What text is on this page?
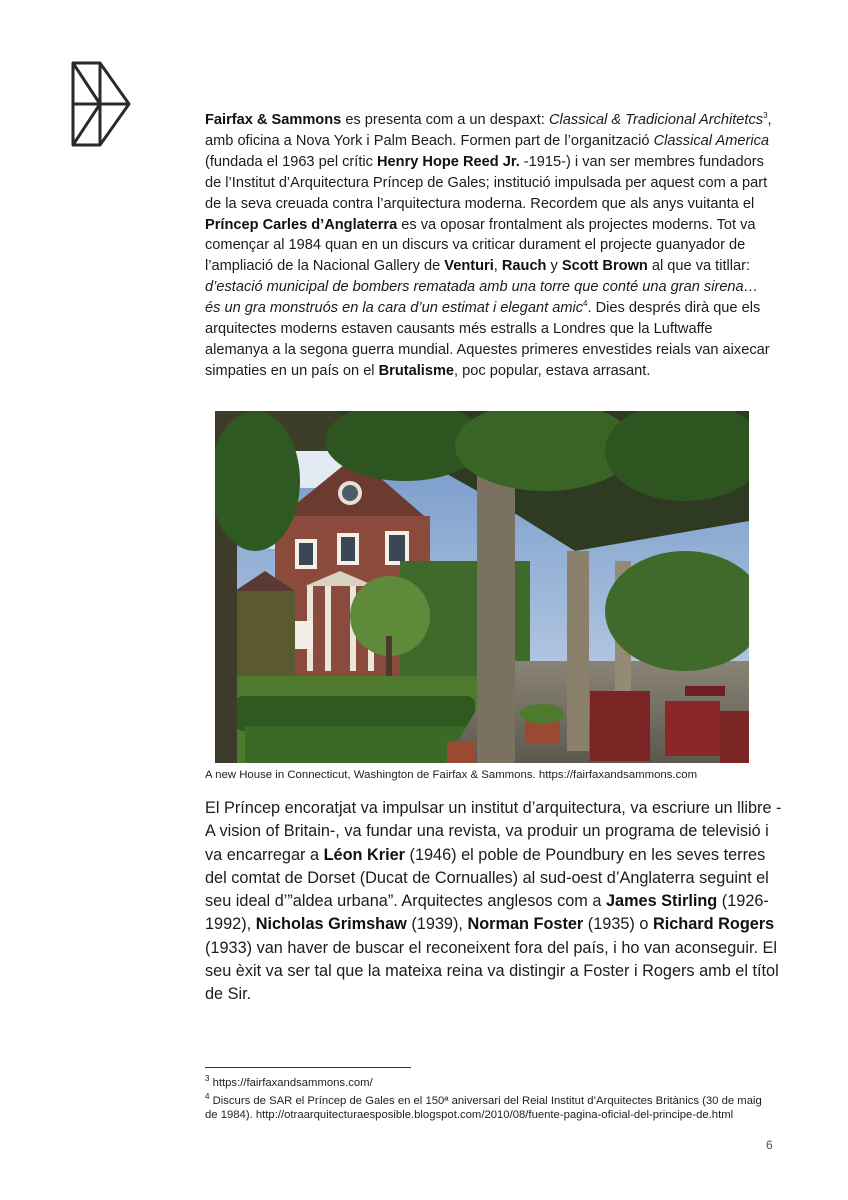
Fairfax & Sammons es presenta com a un despaxt: Classical & Tradicional Architetcs$^3$, amb oficina a Nova York i Palm Beach. Formen part de l’organització Classical America (fundada el 1963 pel crític Henry Hope Reed Jr. -1915-) i van ser membres fundadors de l’Institut d’Arquitectura Príncep de Gales; institució impulsada per aquest com a part de la seva creuada contra l’arquitectura moderna. Recordem que als anys vuitanta el Príncep Carles d’Anglaterra es va oposar frontalment als projectes moderns. Tot va començar al 1984 quan en un discurs va criticar durament el projecte guanyador de l’ampliació de la Nacional Gallery de Venturi, Rauch y Scott Brown al que va titllar: d’estació municipal de bombers rematada amb una torre que conté una gran sirena… és un gra monstruós en la cara d’un estimat i elegant amic$^4$. Dies després dirà que els arquitectes moderns estaven causants més estralls a Londres que la Luftwaffe alemanya a la segona guerra mundial. Aquestes primeres envestides reials van aixecar simpaties en un país on el Brutalisme, poc popular, estava arrasant.

A new House in Connecticut, Washington de Fairfax & Sammons. https://fairfaxandsammons.com

El Príncep encoratjat va impulsar un institut d’arquitectura, va escriure un llibre -A vision of Britain-, va fundar una revista, va produir un programa de televisió i va encarregar a Léon Krier (1946) el poble de Poundbury en les seves terres del comtat de Dorset (Ducat de Cornualles) al sud-oest d’Anglaterra seguint el seu ideal d’”aldea urbana”. Arquitectes anglesos com a James Stirling (1926-1992), Nicholas Grimshaw (1939), Norman Foster (1935) o Richard Rogers (1933) van haver de buscar el reconeixent fora del país, i ho van aconseguir. El seu èxit va ser tal que la mateixa reina va distingir a Foster i Rogers amb el títol de Sir.

$^3$ https://fairfaxandsammons.com/

$^4$ Discurs de SAR el Príncep de Gales en el 150ª aniversari del Reial Institut d’Arquitectes Britànics (30 de maig de 1984). http://otraarquitecturaesposible.blogspot.com/2010/08/fuente-pagina-oficial-del-principe-de.html

6
